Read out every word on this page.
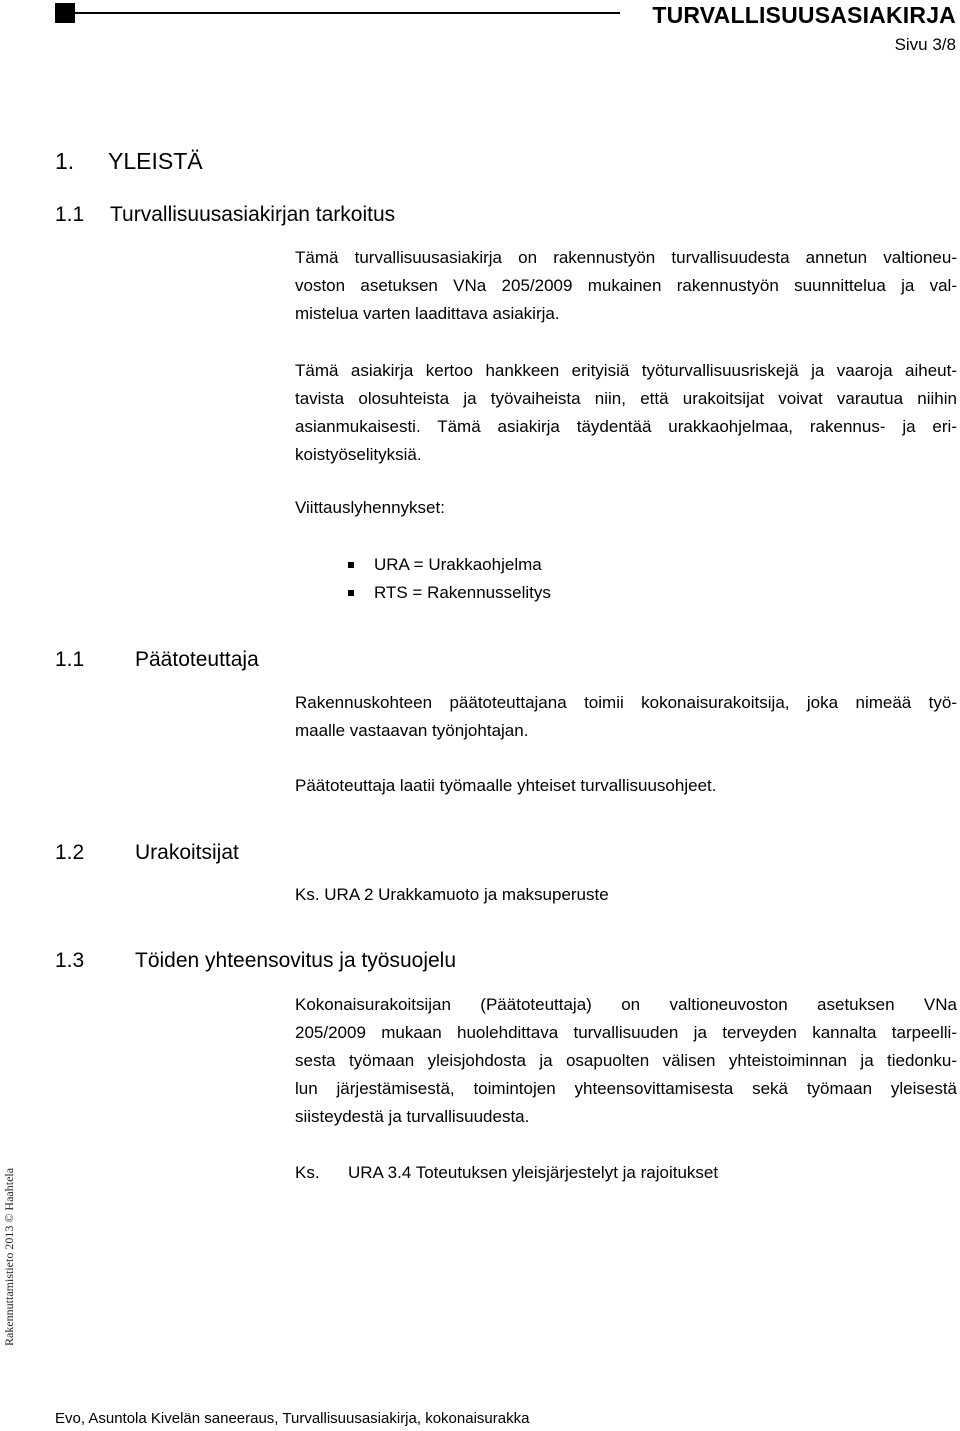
TURVALLISUUSASIAKIRJA
Sivu 3/8
1. YLEISTÄ
1.1 Turvallisuusasiakirjan tarkoitus
Tämä turvallisuusasiakirja on rakennustyön turvallisuudesta annetun valtioneu-
voston asetuksen VNa 205/2009 mukainen rakennustyön suunnittelua ja val-
mistelua varten laadittava asiakirja.
Tämä asiakirja kertoo hankkeen erityisiä työturvallisuusriskejä ja vaaroja aiheut-
tavista olosuhteista ja työvaiheista niin, että urakoitsijat voivat varautua niihin
asianmukaisesti. Tämä asiakirja täydentää urakkaohjelmaa, rakennus- ja eri-
koistyöselityksiä.
Viittauslyhennykset:
URA = Urakkaohjelma
RTS = Rakennusselitys
1.1 Päätoteuttaja
Rakennuskohteen päätoteuttajana toimii kokonaisurakoitsija, joka nimeää työ-
maalle vastaavan työnjohtajan.
Päätoteuttaja laatii työmaalle yhteiset turvallisuusohjeet.
1.2 Urakoitsijat
Ks. URA 2 Urakkamuoto ja maksuperuste
1.3 Töiden yhteensovitus ja työsuojelu
Kokonaisurakoitsijan (Päätoteuttaja) on valtioneuvoston asetuksen VNa
205/2009 mukaan huolehdittava turvallisuuden ja terveyden kannalta tarpeelli-
sesta työmaan yleisjohdosta ja osapuolten välisen yhteistoiminnan ja tiedonku-
lun järjestämisestä, toimintojen yhteensovittamisesta sekä työmaan yleisestä
siisteydestä ja turvallisuudesta.
Ks. URA 3.4 Toteutuksen yleisjärjestelyt ja rajoitukset
Rakennuttamistieto 2013 © Haahtela
Evo, Asuntola Kivelän saneeraus, Turvallisuusasiakirja, kokonaisurakka
